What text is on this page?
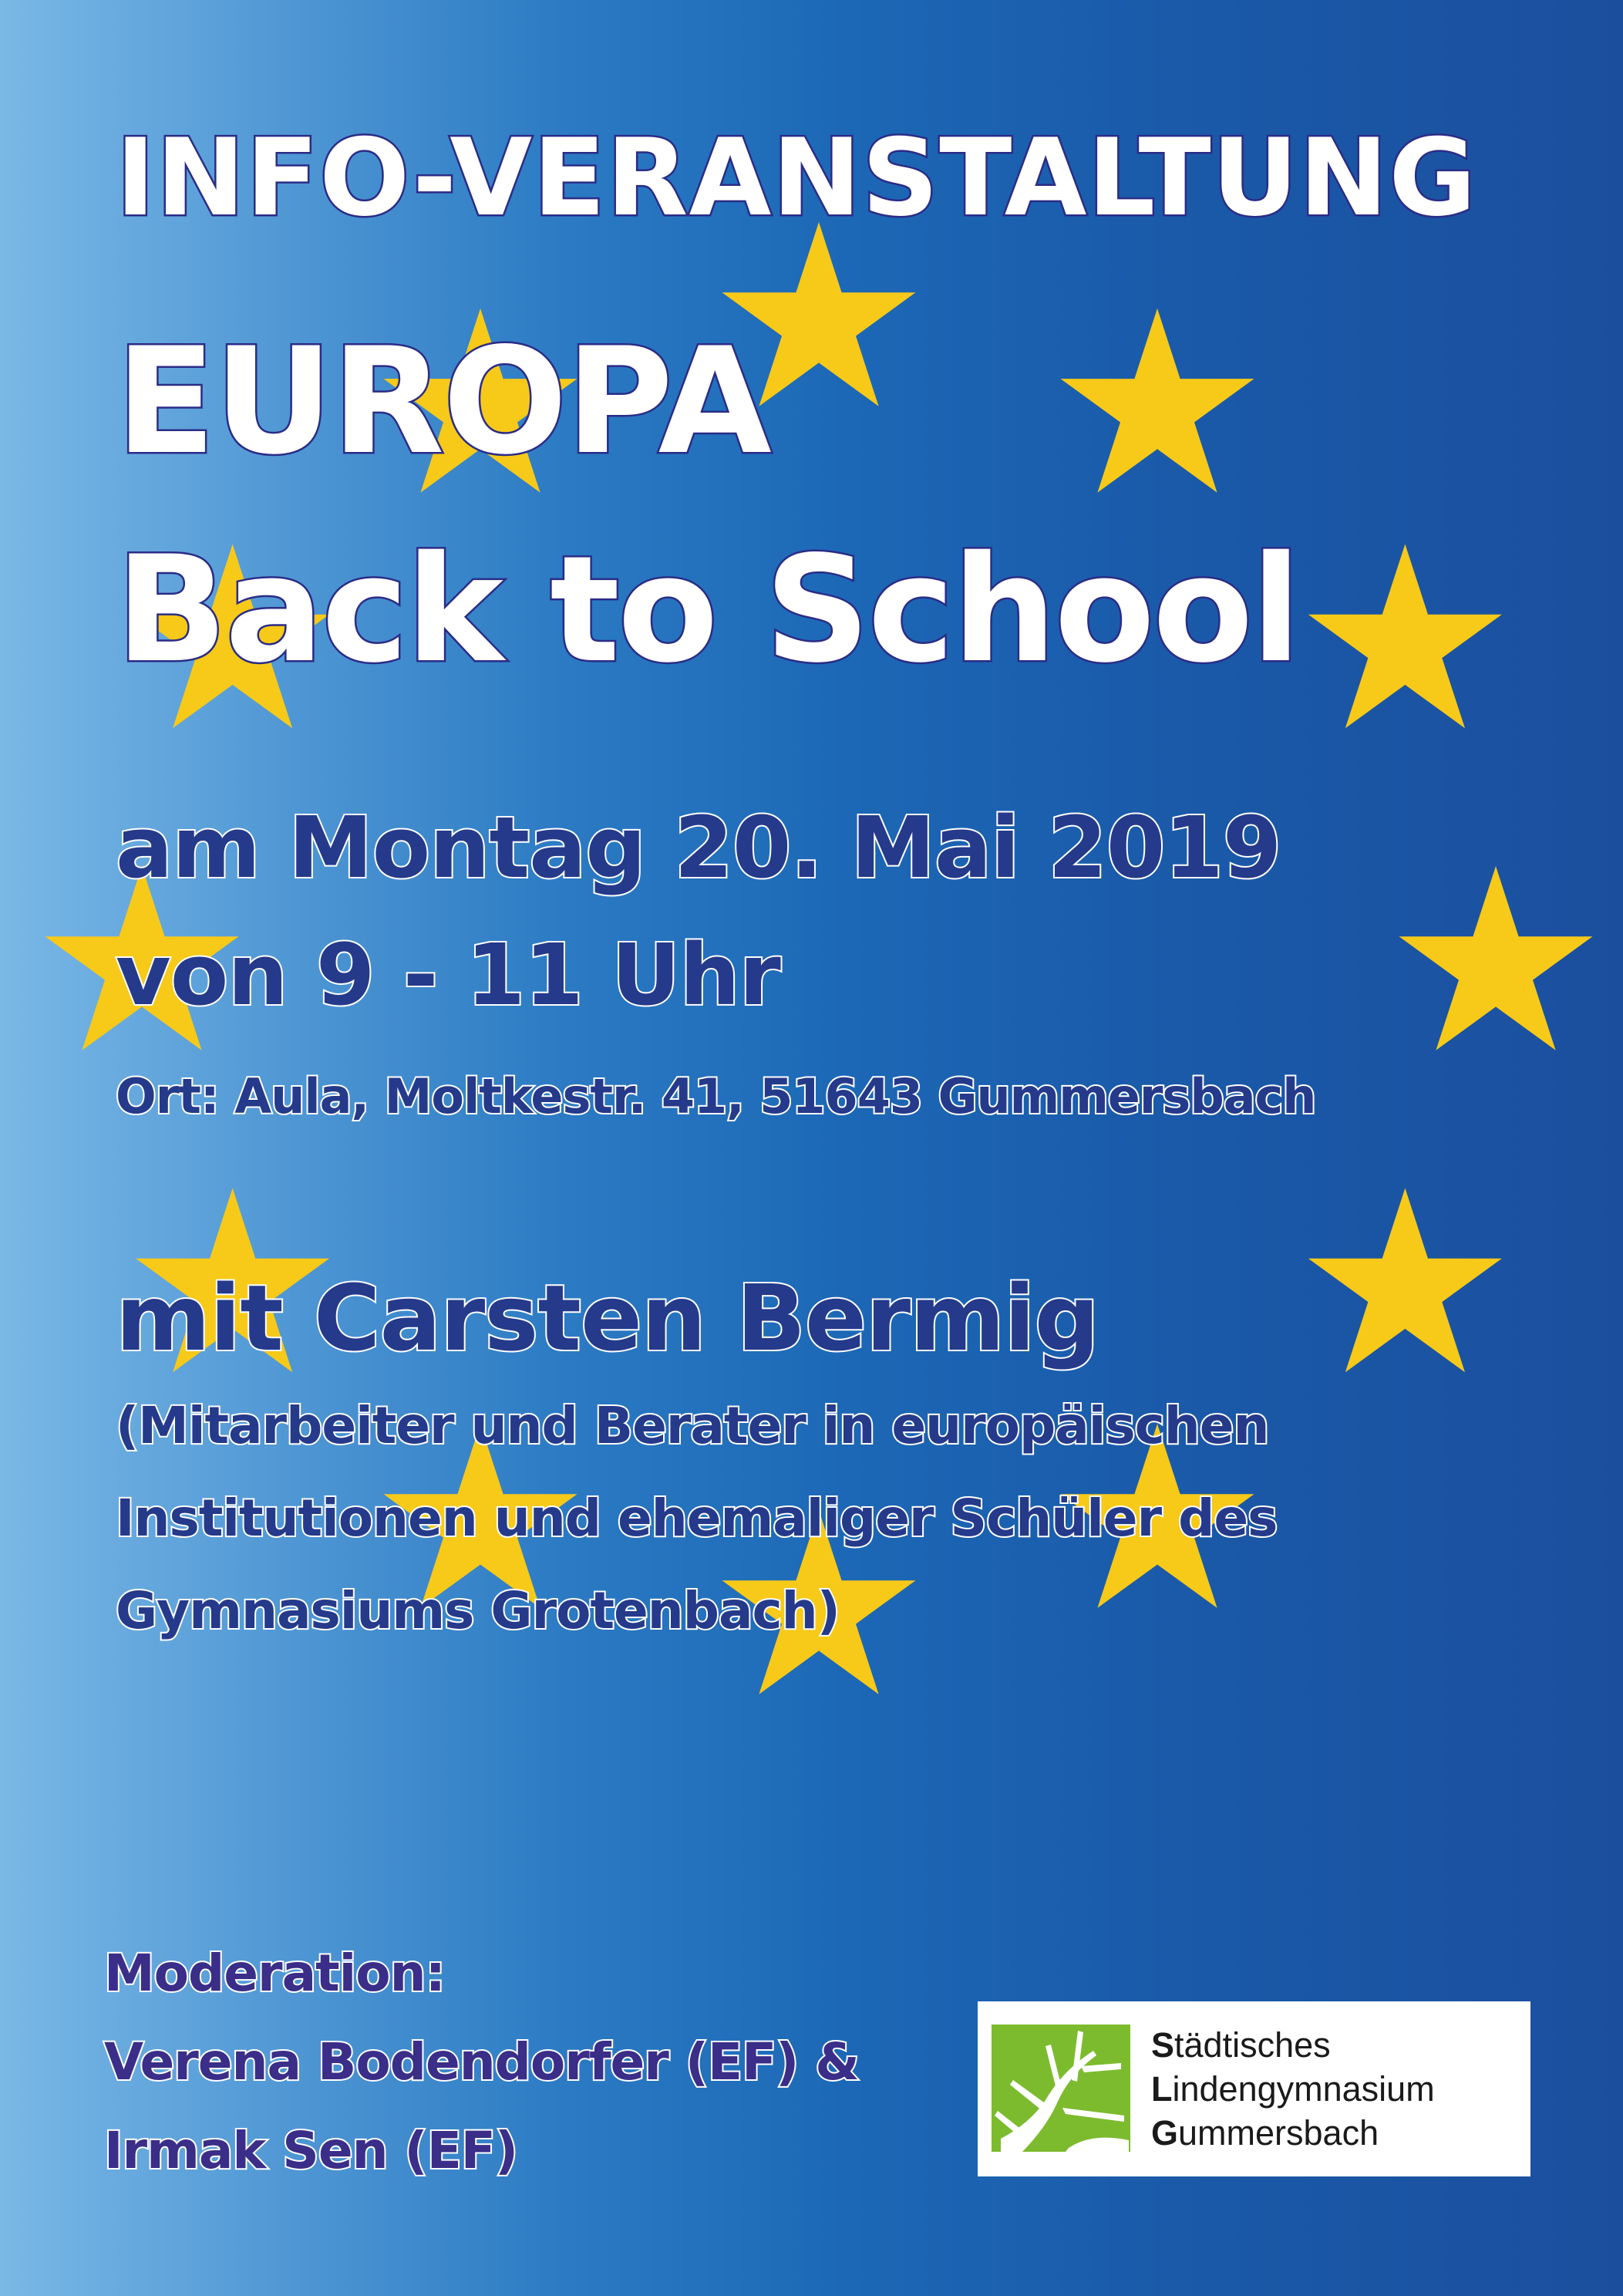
INFO-VERANSTALTUNG
EUROPA
Back to School

am Montag 20. Mai 2019

von 9 - 11 Uhr

Ort: Aula, Moltkestr. 41, 51643 Gummersbach

mit Carsten Bermig

(Mitarbeiter und Berater in europäischen

Institutionen und ehemaliger Schüler des

Gymnasiums Grotenbach)

Moderation:

Verena Bodendorfer (EF) &

Irmak Sen (EF)

Städtisches
Lindengymnasium
Gummersbach
